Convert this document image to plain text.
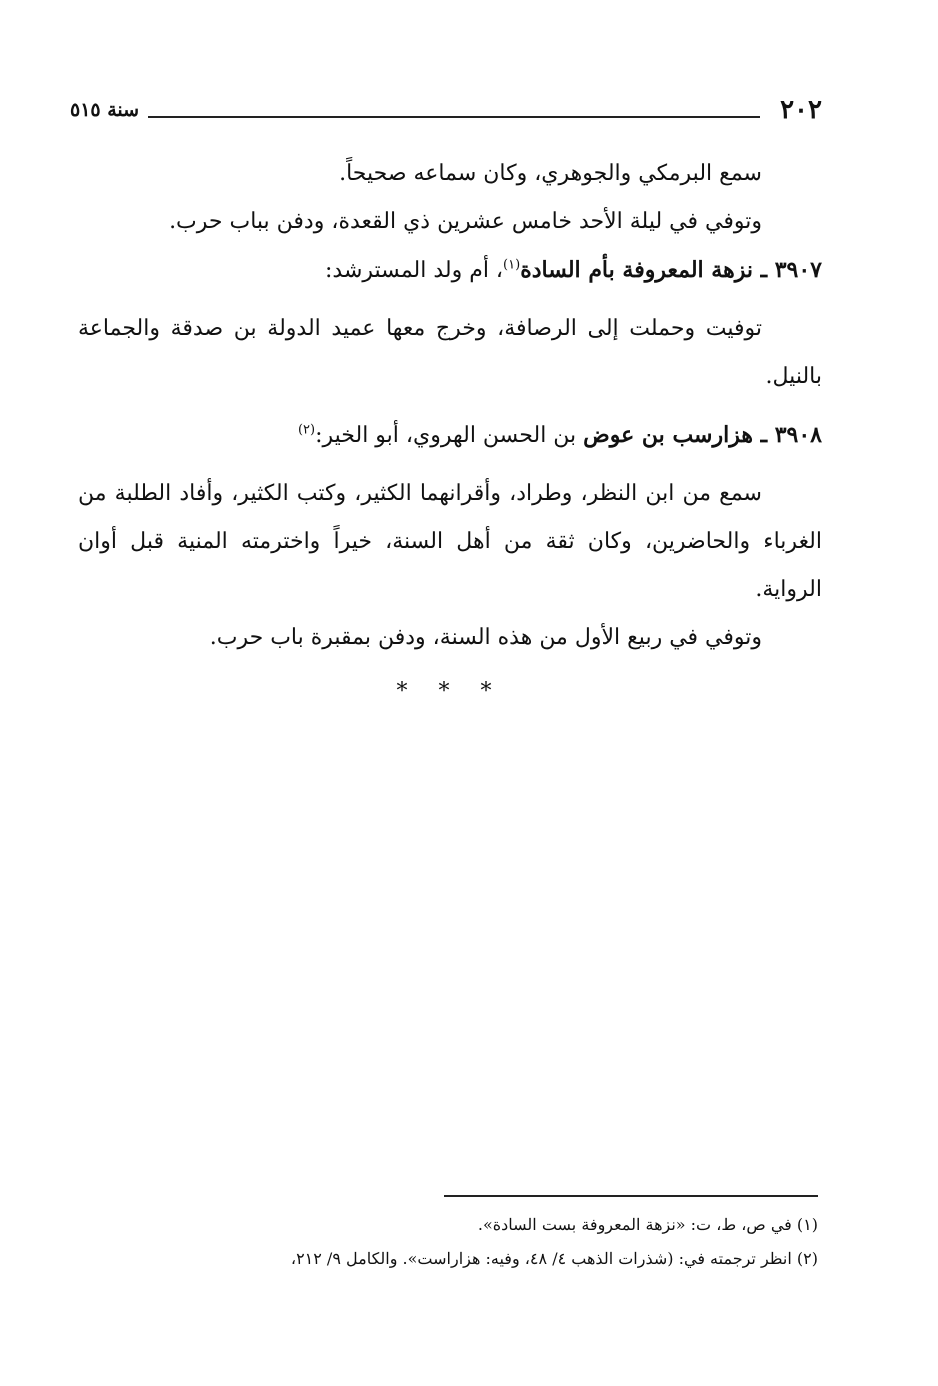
٢٠٢
سنة ٥١٥

سمع البرمكي والجوهري، وكان سماعه صحيحاً.

وتوفي في ليلة الأحد خامس عشرين ذي القعدة، ودفن بباب حرب.

٣٩٠٧ ـ نزهة المعروفة بأم السادة$^{(١)}$، أم ولد المسترشد:

توفيت وحملت إلى الرصافة، وخرج معها عميد الدولة بن صدقة والجماعة بالنيل.

٣٩٠٨ ـ هزارسب بن عوض بن الحسن الهروي، أبو الخير:$^{(٢)}$

سمع من ابن النظر، وطراد، وأقرانهما الكثير، وكتب الكثير، وأفاد الطلبة من الغرباء والحاضرين، وكان ثقة من أهل السنة، خيراً واخترمته المنية قبل أوان الرواية.

وتوفي في ربيع الأول من هذه السنة، ودفن بمقبرة باب حرب.

* * *
(١) في ص، ط، ت: «نزهة المعروفة بست السادة».
(٢) انظر ترجمته في: (شذرات الذهب ٤/ ٤٨، وفيه: هزاراست». والكامل ٩/ ٢١٢،
